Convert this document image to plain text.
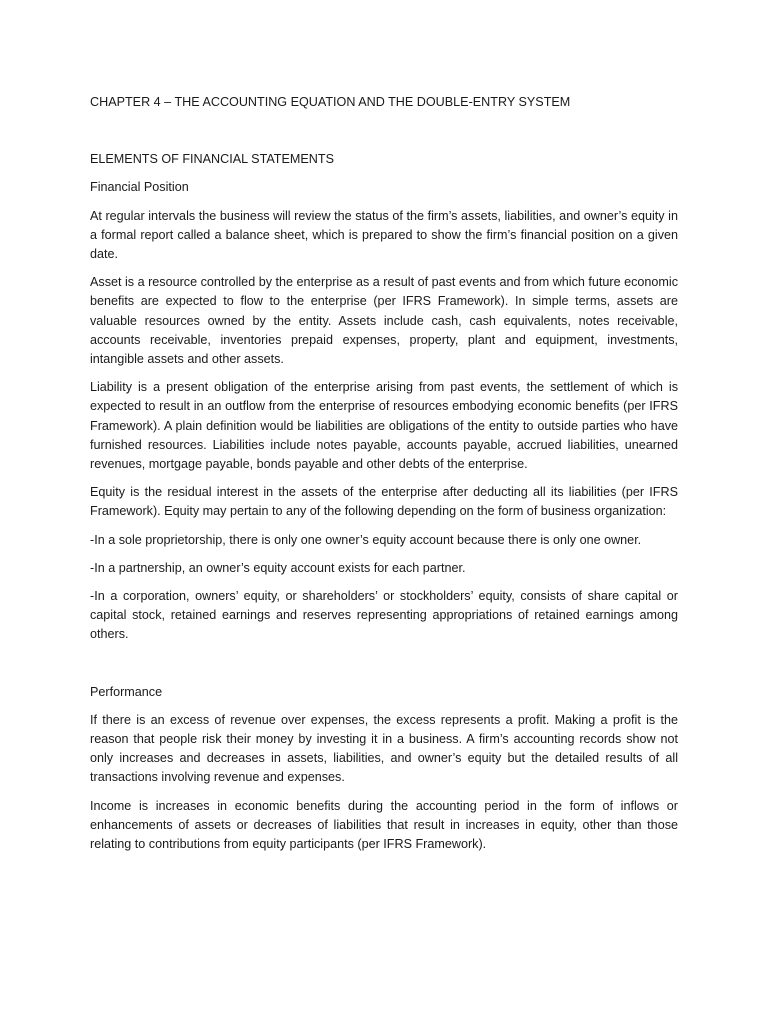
CHAPTER 4 – THE ACCOUNTING EQUATION AND THE DOUBLE-ENTRY SYSTEM

ELEMENTS OF FINANCIAL STATEMENTS

Financial Position

At regular intervals the business will review the status of the firm’s assets, liabilities, and owner’s equity in a formal report called a balance sheet, which is prepared to show the firm’s financial position on a given date.

Asset is a resource controlled by the enterprise as a result of past events and from which future economic benefits are expected to flow to the enterprise (per IFRS Framework). In simple terms, assets are valuable resources owned by the entity. Assets include cash, cash equivalents, notes receivable, accounts receivable, inventories prepaid expenses, property, plant and equipment, investments, intangible assets and other assets.

Liability is a present obligation of the enterprise arising from past events, the settlement of which is expected to result in an outflow from the enterprise of resources embodying economic benefits (per IFRS Framework). A plain definition would be liabilities are obligations of the entity to outside parties who have furnished resources. Liabilities include notes payable, accounts payable, accrued liabilities, unearned revenues, mortgage payable, bonds payable and other debts of the enterprise.

Equity is the residual interest in the assets of the enterprise after deducting all its liabilities (per IFRS Framework). Equity may pertain to any of the following depending on the form of business organization:

-In a sole proprietorship, there is only one owner’s equity account because there is only one owner.

-In a partnership, an owner’s equity account exists for each partner.

-In a corporation, owners’ equity, or shareholders’ or stockholders’ equity, consists of share capital or capital stock, retained earnings and reserves representing appropriations of retained earnings among others.

Performance

If there is an excess of revenue over expenses, the excess represents a profit. Making a profit is the reason that people risk their money by investing it in a business. A firm’s accounting records show not only increases and decreases in assets, liabilities, and owner’s equity but the detailed results of all transactions involving revenue and expenses.

Income is increases in economic benefits during the accounting period in the form of inflows or enhancements of assets or decreases of liabilities that result in increases in equity, other than those relating to contributions from equity participants (per IFRS Framework).
